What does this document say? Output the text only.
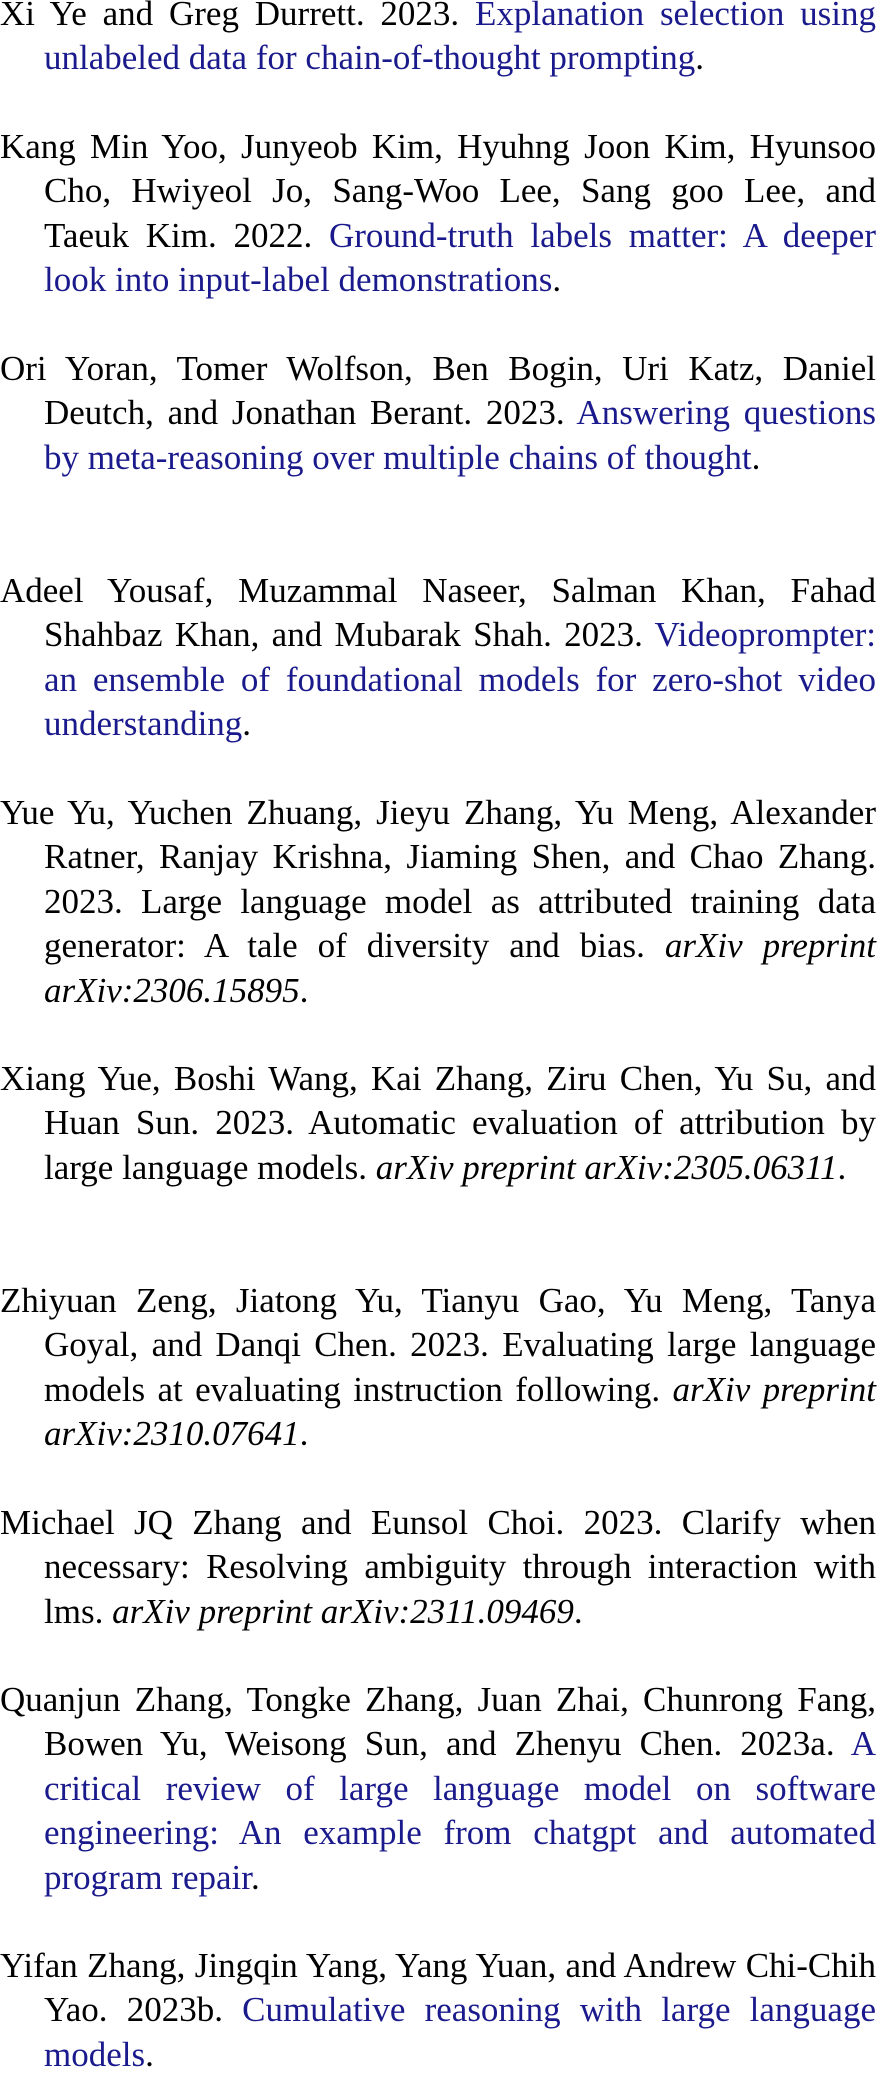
Xi Ye and Greg Durrett. 2023. Explanation selection using unlabeled data for chain-of-thought prompting.
Kang Min Yoo, Junyeob Kim, Hyuhng Joon Kim, Hyunsoo Cho, Hwiyeol Jo, Sang-Woo Lee, Sang goo Lee, and Taeuk Kim. 2022. Ground-truth labels matter: A deeper look into input-label demonstrations.
Ori Yoran, Tomer Wolfson, Ben Bogin, Uri Katz, Daniel Deutch, and Jonathan Berant. 2023. Answering questions by meta-reasoning over multiple chains of thought.
Adeel Yousaf, Muzammal Naseer, Salman Khan, Fahad Shahbaz Khan, and Mubarak Shah. 2023. Videoprompter: an ensemble of foundational models for zero-shot video understanding.
Yue Yu, Yuchen Zhuang, Jieyu Zhang, Yu Meng, Alexander Ratner, Ranjay Krishna, Jiaming Shen, and Chao Zhang. 2023. Large language model as attributed training data generator: A tale of diversity and bias. arXiv preprint arXiv:2306.15895.
Xiang Yue, Boshi Wang, Kai Zhang, Ziru Chen, Yu Su, and Huan Sun. 2023. Automatic evaluation of attribution by large language models. arXiv preprint arXiv:2305.06311.
Zhiyuan Zeng, Jiatong Yu, Tianyu Gao, Yu Meng, Tanya Goyal, and Danqi Chen. 2023. Evaluating large language models at evaluating instruction following. arXiv preprint arXiv:2310.07641.
Michael JQ Zhang and Eunsol Choi. 2023. Clarify when necessary: Resolving ambiguity through interaction with lms. arXiv preprint arXiv:2311.09469.
Quanjun Zhang, Tongke Zhang, Juan Zhai, Chunrong Fang, Bowen Yu, Weisong Sun, and Zhenyu Chen. 2023a. A critical review of large language model on software engineering: An example from chatgpt and automated program repair.
Yifan Zhang, Jingqin Yang, Yang Yuan, and Andrew Chi-Chih Yao. 2023b. Cumulative reasoning with large language models.
